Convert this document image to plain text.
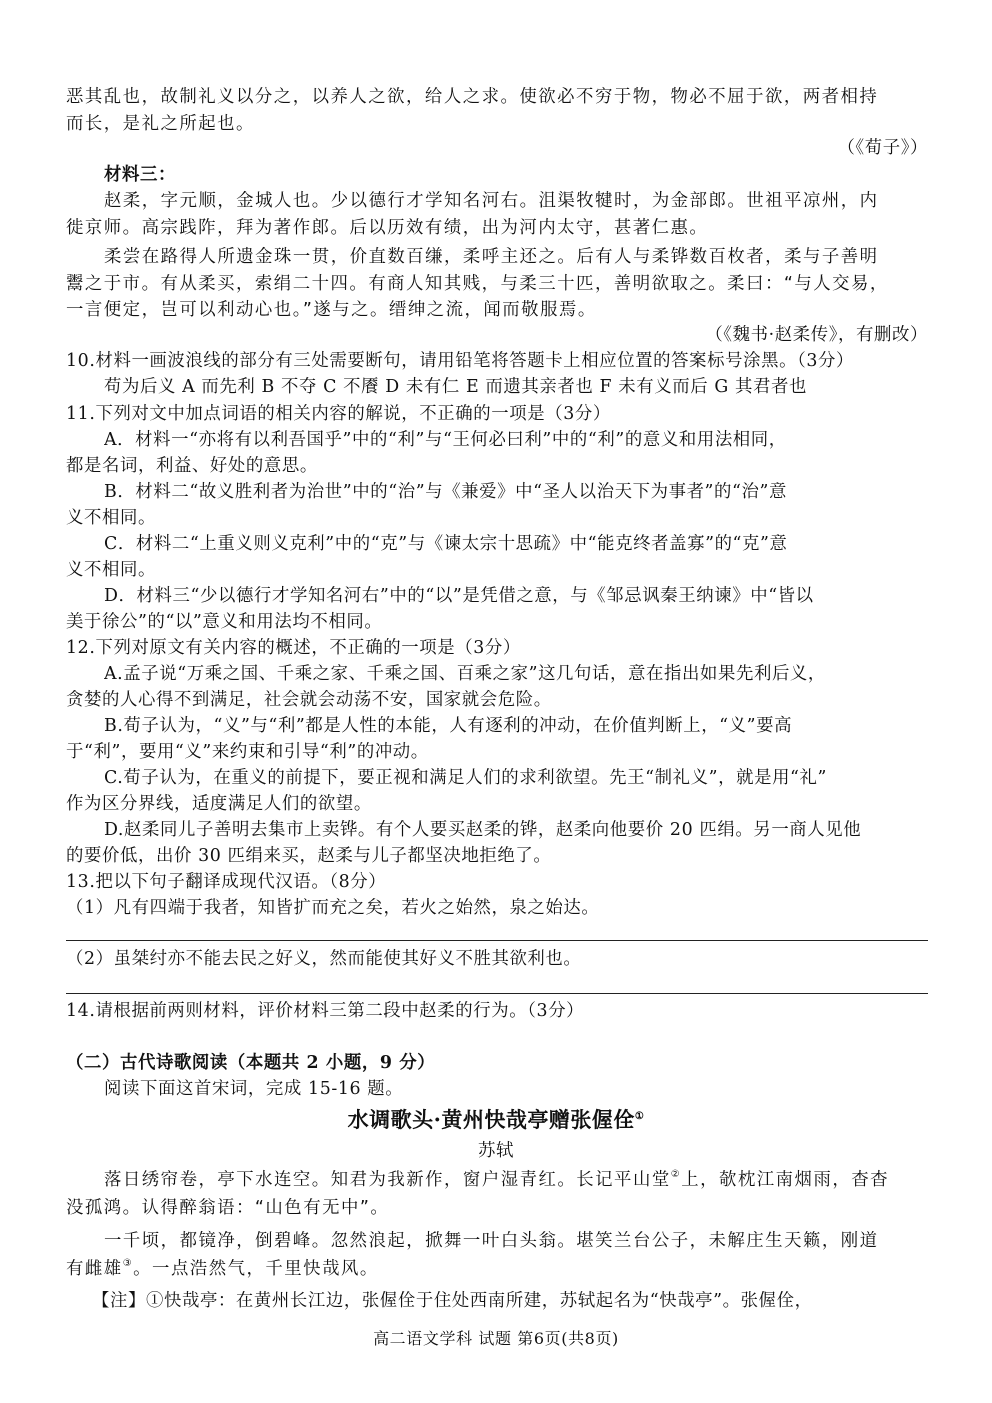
恶其乱也，故制礼义以分之，以养人之欲，给人之求。使欲必不穷于物，物必不屈于欲，两者相持
而长，是礼之所起也。
（《荀子》）
材料三：
赵柔，字元顺，金城人也。少以德行才学知名河右。沮渠牧犍时，为金部郎。世祖平凉州，内
徙京师。高宗践阼，拜为著作郎。后以历效有绩，出为河内太守，甚著仁惠。
柔尝在路得人所遗金珠一贯，价直数百缣，柔呼主还之。后有人与柔铧数百枚者，柔与子善明
鬻之于市。有从柔买，索绢二十四。有商人知其贱，与柔三十匹，善明欲取之。柔曰：“与人交易，
一言便定，岂可以利动心也。”遂与之。缙绅之流，闻而敬服焉。
（《魏书·赵柔传》，有删改）
10.材料一画波浪线的部分有三处需要断句，请用铅笔将答题卡上相应位置的答案标号涂黑。（3分）
苟为后义 A 而先利 B 不夺 C 不餍 D 未有仁 E 而遗其亲者也 F 未有义而后 G 其君者也
11.下列对文中加点词语的相关内容的解说，不正确的一项是（3分）
A．材料一“亦将有以利吾国乎”中的“利”与“王何必曰利”中的“利”的意义和用法相同，
都是名词，利益、好处的意思。
B．材料二“故义胜利者为治世”中的“治”与《兼爱》中“圣人以治天下为事者”的“治”意
义不相同。
C．材料二“上重义则义克利”中的“克”与《谏太宗十思疏》中“能克终者盖寡”的“克”意
义不相同。
D．材料三“少以德行才学知名河右”中的“以”是凭借之意，与《邹忌讽秦王纳谏》中“皆以
美于徐公”的“以”意义和用法均不相同。
12.下列对原文有关内容的概述，不正确的一项是（3分）
A.孟子说“万乘之国、千乘之家、千乘之国、百乘之家”这几句话，意在指出如果先利后义，
贪婪的人心得不到满足，社会就会动荡不安，国家就会危险。
B.荀子认为，“义”与“利”都是人性的本能，人有逐利的冲动，在价值判断上，“义”要高
于“利”，要用“义”来约束和引导“利”的冲动。
C.荀子认为，在重义的前提下，要正视和满足人们的求利欲望。先王“制礼义”，就是用“礼”
作为区分界线，适度满足人们的欲望。
D.赵柔同儿子善明去集市上卖铧。有个人要买赵柔的铧，赵柔向他要价 20 匹绢。另一商人见他
的要价低，出价 30 匹绢来买，赵柔与儿子都坚决地拒绝了。
13.把以下句子翻译成现代汉语。（8分）
（1）凡有四端于我者，知皆扩而充之矣，若火之始然，泉之始达。
（2）虽桀纣亦不能去民之好义，然而能使其好义不胜其欲利也。
14.请根据前两则材料，评价材料三第二段中赵柔的行为。（3分）
（二）古代诗歌阅读（本题共 2 小题，9 分）
阅读下面这首宋词，完成 15-16 题。
水调歌头·黄州快哉亭赠张偓佺①
苏轼
落日绣帘卷，亭下水连空。知君为我新作，窗户湿青红。长记平山堂②上，欹枕江南烟雨，杳杳
没孤鸿。认得醉翁语：“山色有无中”。
一千顷，都镜净，倒碧峰。忽然浪起，掀舞一叶白头翁。堪笑兰台公子，未解庄生天籁，刚道
有雌雄③。一点浩然气，千里快哉风。
【注】①快哉亭：在黄州长江边，张偓佺于住处西南所建，苏轼起名为“快哉亭”。张偓佺，
高二语文学科 试题 第6页(共8页)
